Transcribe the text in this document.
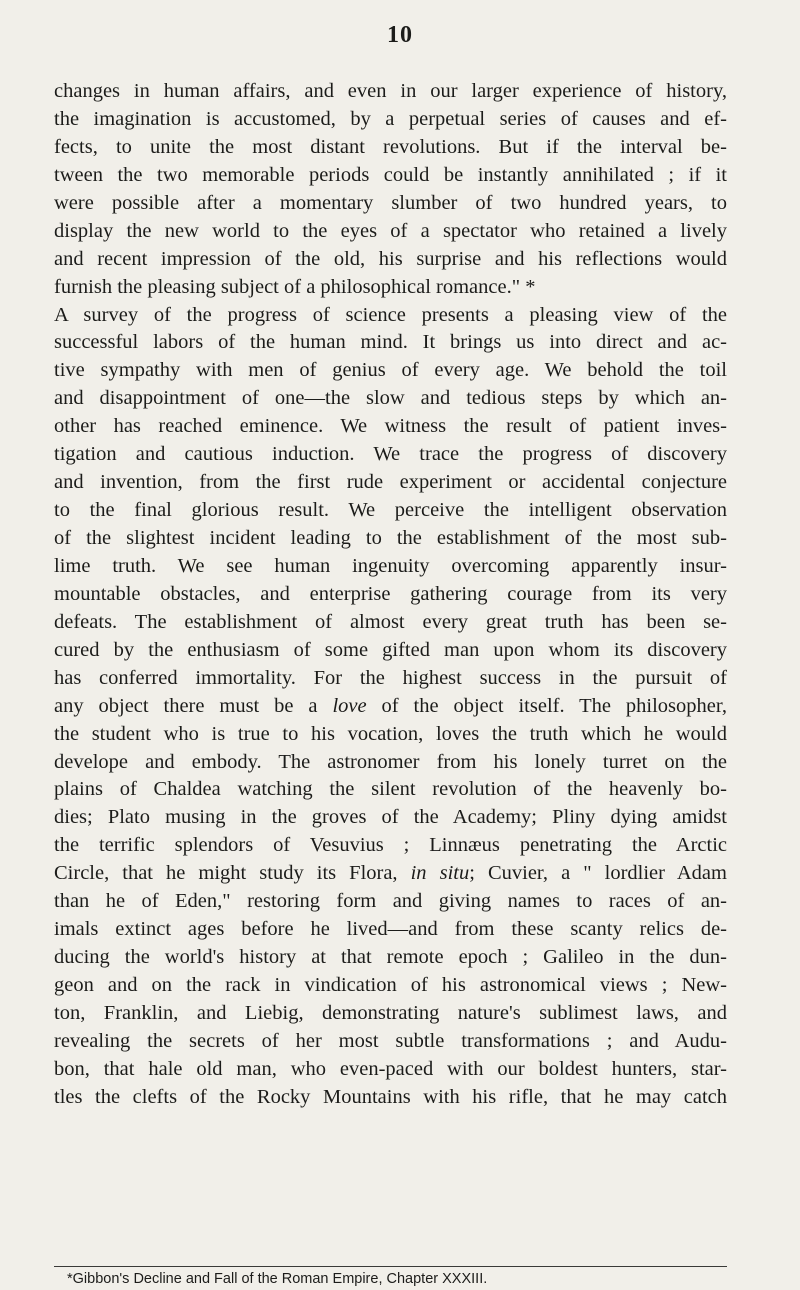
10
changes in human affairs, and even in our larger experience of history,
the imagination is accustomed, by a perpetual series of causes and ef-
fects, to unite the most distant revolutions. But if the interval be-
tween the two memorable periods could be instantly annihilated ; if it
were possible after a momentary slumber of two hundred years, to
display the new world to the eyes of a spectator who retained a lively
and recent impression of the old, his surprise and his reflections would
furnish the pleasing subject of a philosophical romance." *
A survey of the progress of science presents a pleasing view of the
successful labors of the human mind. It brings us into direct and ac-
tive sympathy with men of genius of every age. We behold the toil
and disappointment of one—the slow and tedious steps by which an-
other has reached eminence. We witness the result of patient inves-
tigation and cautious induction. We trace the progress of discovery
and invention, from the first rude experiment or accidental conjecture
to the final glorious result. We perceive the intelligent observation
of the slightest incident leading to the establishment of the most sub-
lime truth. We see human ingenuity overcoming apparently insur-
mountable obstacles, and enterprise gathering courage from its very
defeats. The establishment of almost every great truth has been se-
cured by the enthusiasm of some gifted man upon whom its discovery
has conferred immortality. For the highest success in the pursuit of
any object there must be a love of the object itself. The philosopher,
the student who is true to his vocation, loves the truth which he would
develope and embody. The astronomer from his lonely turret on the
plains of Chaldea watching the silent revolution of the heavenly bo-
dies; Plato musing in the groves of the Academy; Pliny dying amidst
the terrific splendors of Vesuvius ; Linnæus penetrating the Arctic
Circle, that he might study its Flora, in situ; Cuvier, a " lordlier Adam
than he of Eden," restoring form and giving names to races of an-
imals extinct ages before he lived—and from these scanty relics de-
ducing the world's history at that remote epoch ; Galileo in the dun-
geon and on the rack in vindication of his astronomical views ; New-
ton, Franklin, and Liebig, demonstrating nature's sublimest laws, and
revealing the secrets of her most subtle transformations ; and Audu-
bon, that hale old man, who even-paced with our boldest hunters, star-
tles the clefts of the Rocky Mountains with his rifle, that he may catch
*Gibbon's Decline and Fall of the Roman Empire, Chapter XXXIII.
